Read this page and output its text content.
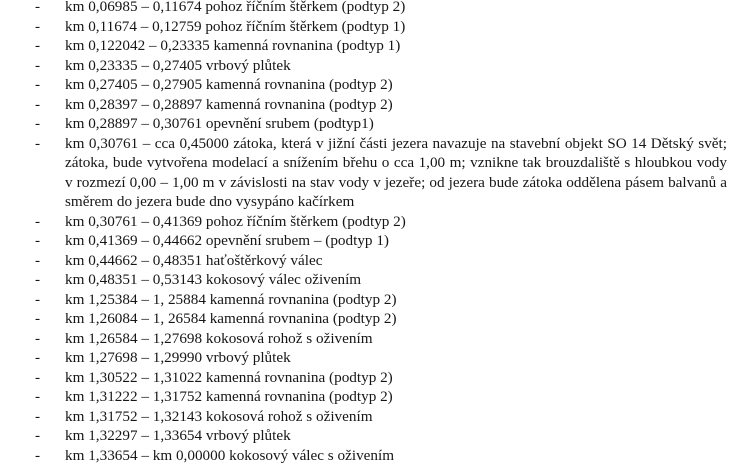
- km 0,06985 – 0,11674 pohoz říčním štěrkem (podtyp 2)
- km 0,11674 – 0,12759 pohoz říčním štěrkem (podtyp 1)
- km 0,122042 – 0,23335 kamenná rovnanina (podtyp 1)
- km 0,23335 – 0,27405 vrbový plůtek
- km 0,27405 – 0,27905 kamenná rovnanina (podtyp 2)
- km 0,28397 – 0,28897 kamenná rovnanina (podtyp 2)
- km 0,28897 – 0,30761 opevnění srubem (podtyp1)
- km 0,30761 – cca 0,45000 zátoka, která v jižní části jezera navazuje na stavební objekt SO 14 Dětský svět; zátoka, bude vytvořena modelací a snížením břehu o cca 1,00 m; vznikne tak brouzdaliště s hloubkou vody v rozmezí 0,00 – 1,00 m v závislosti na stav vody v jezeře; od jezera bude zátoka oddělena pásem balvanů a směrem do jezera bude dno vysypáno kačírkem
- km 0,30761 – 0,41369 pohoz říčním štěrkem (podtyp 2)
- km 0,41369 – 0,44662 opevnění srubem – (podtyp 1)
- km 0,44662 – 0,48351 haťoštěrkový válec
- km 0,48351 – 0,53143 kokosový válec oživením
- km 1,25384 – 1, 25884 kamenná rovnanina (podtyp 2)
- km 1,26084 – 1, 26584 kamenná rovnanina (podtyp 2)
- km 1,26584 – 1,27698 kokosová rohož s oživením
- km 1,27698 – 1,29990 vrbový plůtek
- km 1,30522 – 1,31022 kamenná rovnanina (podtyp 2)
- km 1,31222 – 1,31752 kamenná rovnanina (podtyp 2)
- km 1,31752 – 1,32143 kokosová rohož s oživením
- km 1,32297 – 1,33654 vrbový plůtek
- km 1,33654 – km 0,00000 kokosový válec s oživením
